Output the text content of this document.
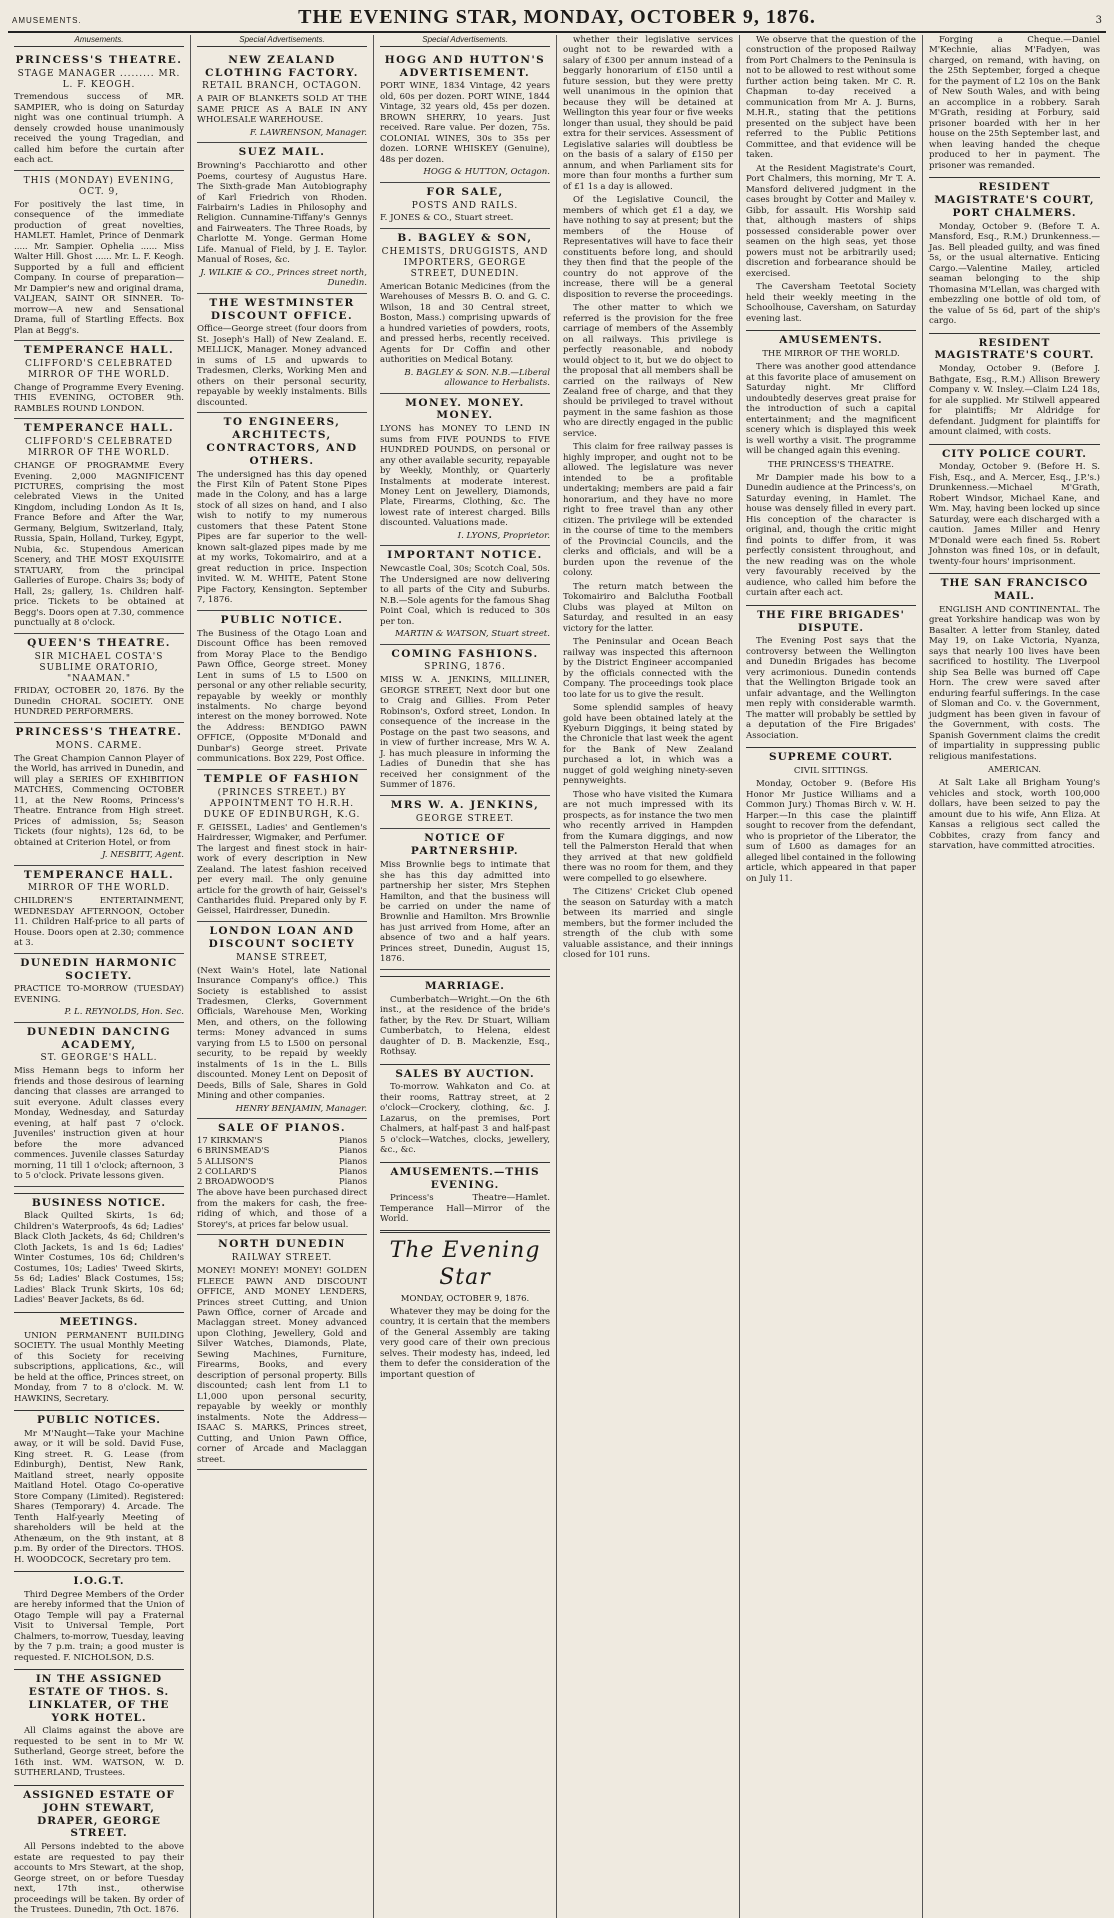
AMUSEMENTS.	THE EVENING STAR, MONDAY, OCTOBER 9, 1876.	3
Amusements.
PRINCESS'S THEATRE.
STAGE MANAGER ......... MR. L. F. KEOGH.
Tremendous success of MR. SAMPIER, who is doing on Saturday night was one continual triumph. A densely crowded house unanimously received the young Tragedian, and called him before the curtain after each act.
THIS (MONDAY) EVENING, OCT. 9,
For positively the last time, in consequence of the immediate production of great novelties, HAMLET. Hamlet, Prince of Denmark ..... Mr. Sampier. Ophelia ...... Miss Walter Hill. Ghost ...... Mr. L. F. Keogh. Supported by a full and efficient Company. In course of preparation—Mr Dampier's new and original drama, VALJEAN, SAINT OR SINNER. To-morrow—A new and Sensational Drama, full of Startling Effects. Box Plan at Begg's.
TEMPERANCE HALL.
CLIFFORD'S CELEBRATED MIRROR OF THE WORLD.
Change of Programme Every Evening. THIS EVENING, OCTOBER 9th. RAMBLES ROUND LONDON.
TEMPERANCE HALL.
CLIFFORD'S CELEBRATED MIRROR OF THE WORLD.
CHANGE OF PROGRAMME Every Evening. 2,000 MAGNIFICENT PICTURES, comprising the most celebrated Views in the United Kingdom, including London As It Is, France Before and After the War, Germany, Belgium, Switzerland, Italy, Russia, Spain, Holland, Turkey, Egypt, Nubia, &c. Stupendous American Scenery, and THE MOST EXQUISITE STATUARY, from the principal Galleries of Europe. Chairs 3s; body of Hall, 2s; gallery, 1s. Children half-price. Tickets to be obtained at Begg's. Doors open at 7.30, commence punctually at 8 o'clock.
QUEEN'S THEATRE.
SIR MICHAEL COSTA'S SUBLIME ORATORIO, "NAAMAN."
FRIDAY, OCTOBER 20, 1876. By the Dunedin CHORAL SOCIETY. ONE HUNDRED PERFORMERS.
PRINCESS'S THEATRE.
MONS. CARME.
The Great Champion Cannon Player of the World, has arrived in Dunedin, and will play a SERIES OF EXHIBITION MATCHES, Commencing OCTOBER 11, at the New Rooms, Princess's Theatre. Entrance from High street. Prices of admission, 5s; Season Tickets (four nights), 12s 6d, to be obtained at Criterion Hotel, or from
J. NESBITT, Agent.
TEMPERANCE HALL.
MIRROR OF THE WORLD.
CHILDREN'S ENTERTAINMENT, WEDNESDAY AFTERNOON, October 11. Children Half-price to all parts of House. Doors open at 2.30; commence at 3.
DUNEDIN HARMONIC SOCIETY.
PRACTICE TO-MORROW (TUESDAY) EVENING.
P. L. REYNOLDS, Hon. Sec.
DUNEDIN DANCING ACADEMY,
ST. GEORGE'S HALL.
Miss Hemann begs to inform her friends and those desirous of learning dancing that classes are arranged to suit everyone. Adult classes every Monday, Wednesday, and Saturday evening, at half past 7 o'clock. Juveniles' instruction given at hour before the more advanced commences. Juvenile classes Saturday morning, 11 till 1 o'clock; afternoon, 3 to 5 o'clock. Private lessons given.
BUSINESS NOTICE.
Black Quilted Skirts, 1s 6d; Children's Waterproofs, 4s 6d; Ladies' Black Cloth Jackets, 4s 6d; Children's Cloth Jackets, 1s and 1s 6d; Ladies' Winter Costumes, 10s 6d; Children's Costumes, 10s; Ladies' Tweed Skirts, 5s 6d; Ladies' Black Costumes, 15s; Ladies' Black Trunk Skirts, 10s 6d; Ladies' Beaver Jackets, 8s 6d.
MEETINGS.
UNION PERMANENT BUILDING SOCIETY. The usual Monthly Meeting of this Society for receiving subscriptions, applications, &c., will be held at the office, Princes street, on Monday, from 7 to 8 o'clock. M. W. HAWKINS, Secretary.
PUBLIC NOTICES.
Mr M'Naught—Take your Machine away, or it will be sold. David Fuse, King street. R. G. Lease (from Edinburgh), Dentist, New Rank, Maitland street, nearly opposite Maitland Hotel. Otago Co-operative Store Company (Limited). Registered: Shares (Temporary) 4. Arcade. The Tenth Half-yearly Meeting of shareholders will be held at the Athenæum, on the 9th instant, at 8 p.m. By order of the Directors. THOS. H. WOODCOCK, Secretary pro tem.
I.O.G.T.
Third Degree Members of the Order are hereby informed that the Union of Otago Temple will pay a Fraternal Visit to Universal Temple, Port Chalmers, to-morrow, Tuesday, leaving by the 7 p.m. train; a good muster is requested. F. NICHOLSON, D.S.
IN THE ASSIGNED ESTATE OF THOS. S. LINKLATER, OF THE YORK HOTEL.
All Claims against the above are requested to be sent in to Mr W. Sutherland, George street, before the 16th inst. WM. WATSON, W. D. SUTHERLAND, Trustees.
ASSIGNED ESTATE OF JOHN STEWART, DRAPER, GEORGE STREET.
All Persons indebted to the above estate are requested to pay their accounts to Mrs Stewart, at the shop, George street, on or before Tuesday next, 17th inst., otherwise proceedings will be taken. By order of the Trustees. Dunedin, 7th Oct. 1876.
Special Advertisements.
NEW ZEALAND CLOTHING FACTORY.
RETAIL BRANCH, OCTAGON.
A PAIR OF BLANKETS SOLD AT THE SAME PRICE AS A BALE IN ANY WHOLESALE WAREHOUSE.
F. LAWRENSON, Manager.
SUEZ MAIL.
Browning's Pacchiarotto and other Poems, courtesy of Augustus Hare. The Sixth-grade Man Autobiography of Karl Friedrich von Rhoden. Fairbairn's Ladies in Philosophy and Religion. Cunnamine-Tiffany's Gennys and Fairweaters. The Three Roads, by Charlotte M. Yonge. German Home Life. Manual of Field, by J. E. Taylor. Manual of Roses, &c.
J. WILKIE & CO., Princes street north, Dunedin.
THE WESTMINSTER DISCOUNT OFFICE.
Office—George street (four doors from St. Joseph's Hall) of New Zealand. E. MELLICK, Manager. Money advanced in sums of L5 and upwards to Tradesmen, Clerks, Working Men and others on their personal security, repayable by weekly instalments. Bills discounted.
TO ENGINEERS, ARCHITECTS, CONTRACTORS, AND OTHERS.
The undersigned has this day opened the First Kiln of Patent Stone Pipes made in the Colony, and has a large stock of all sizes on hand, and I also wish to notify to my numerous customers that these Patent Stone Pipes are far superior to the well-known salt-glazed pipes made by me at my works, Tokomairiro, and at a great reduction in price. Inspection invited. W. M. WHITE, Patent Stone Pipe Factory, Kensington. September 7, 1876.
PUBLIC NOTICE.
The Business of the Otago Loan and Discount Office has been removed from Moray Place to the Bendigo Pawn Office, George street. Money Lent in sums of L5 to L500 on personal or any other reliable security, repayable by weekly or monthly instalments. No charge beyond interest on the money borrowed. Note the Address: BENDIGO PAWN OFFICE, (Opposite M'Donald and Dunbar's) George street. Private communications. Box 229, Post Office.
TEMPLE OF FASHION
(PRINCES STREET.) BY APPOINTMENT TO H.R.H. DUKE OF EDINBURGH, K.G.
F. GEISSEL, Ladies' and Gentlemen's Hairdresser, Wigmaker, and Perfumer. The largest and finest stock in hair-work of every description in New Zealand. The latest fashion received per every mail. The only genuine article for the growth of hair, Geissel's Cantharides fluid. Prepared only by F. Geissel, Hairdresser, Dunedin.
LONDON LOAN AND DISCOUNT SOCIETY
MANSE STREET,
(Next Wain's Hotel, late National Insurance Company's office.) This Society is established to assist Tradesmen, Clerks, Government Officials, Warehouse Men, Working Men, and others, on the following terms: Money advanced in sums varying from L5 to L500 on personal security, to be repaid by weekly instalments of 1s in the L. Bills discounted. Money Lent on Deposit of Deeds, Bills of Sale, Shares in Gold Mining and other companies.
HENRY BENJAMIN, Manager.
SALE OF PIANOS.
17 KIRKMAN'S	Pianos
6 BRINSMEAD'S	Pianos
5 ALLISON'S	Pianos
2 COLLARD'S	Pianos
2 BROADWOOD'S	Pianos
The above have been purchased direct from the makers for cash, the free-riding of which, and those of a Storey's, at prices far below usual.
NORTH DUNEDIN
RAILWAY STREET.
MONEY! MONEY! MONEY! GOLDEN FLEECE PAWN AND DISCOUNT OFFICE, AND MONEY LENDERS, Princes street Cutting, and Union Pawn Office, corner of Arcade and Maclaggan street. Money advanced upon Clothing, Jewellery, Gold and Silver Watches, Diamonds, Plate, Sewing Machines, Furniture, Firearms, Books, and every description of personal property. Bills discounted; cash lent from L1 to L1,000 upon personal security, repayable by weekly or monthly instalments. Note the Address— ISAAC S. MARKS, Princes street, Cutting, and Union Pawn Office, corner of Arcade and Maclaggan street.
Special Advertisements.
HOGG AND HUTTON'S ADVERTISEMENT.
PORT WINE, 1834 Vintage, 42 years old, 60s per dozen. PORT WINE, 1844 Vintage, 32 years old, 45s per dozen. BROWN SHERRY, 10 years. Just received. Rare value. Per dozen, 75s. COLONIAL WINES, 30s to 35s per dozen. LORNE WHISKEY (Genuine), 48s per dozen.
HOGG & HUTTON, Octagon.
FOR SALE,
POSTS AND RAILS.
F. JONES & CO., Stuart street.
B. BAGLEY & SON,
CHEMISTS, DRUGGISTS, AND IMPORTERS, GEORGE STREET, DUNEDIN.
American Botanic Medicines (from the Warehouses of Messrs B. O. and G. C. Wilson, 18 and 30 Central street, Boston, Mass.) comprising upwards of a hundred varieties of powders, roots, and pressed herbs, recently received. Agents for Dr Coffin and other authorities on Medical Botany.
B. BAGLEY & SON. N.B.—Liberal allowance to Herbalists.
MONEY. MONEY. MONEY.
LYONS has MONEY TO LEND IN sums from FIVE POUNDS to FIVE HUNDRED POUNDS, on personal or any other available security, repayable by Weekly, Monthly, or Quarterly Instalments at moderate interest. Money Lent on Jewellery, Diamonds, Plate, Firearms, Clothing, &c. The lowest rate of interest charged. Bills discounted. Valuations made.
I. LYONS, Proprietor.
IMPORTANT NOTICE.
Newcastle Coal, 30s; Scotch Coal, 50s. The Undersigned are now delivering to all parts of the City and Suburbs. N.B.—Sole agents for the famous Shag Point Coal, which is reduced to 30s per ton.
MARTIN & WATSON, Stuart street.
COMING FASHIONS.
SPRING, 1876.
MISS W. A. JENKINS, MILLINER, GEORGE STREET, Next door but one to Craig and Gillies. From Peter Robinson's, Oxford street, London. In consequence of the increase in the Postage on the past two seasons, and in view of further increase, Mrs W. A. J. has much pleasure in informing the Ladies of Dunedin that she has received her consignment of the Summer of 1876.
MRS W. A. JENKINS,
GEORGE STREET.
NOTICE OF PARTNERSHIP.
Miss Brownlie begs to intimate that she has this day admitted into partnership her sister, Mrs Stephen Hamilton, and that the business will be carried on under the name of Brownlie and Hamilton. Mrs Brownlie has just arrived from Home, after an absence of two and a half years. Princes street, Dunedin, August 15, 1876.
MARRIAGE.
Cumberbatch—Wright.—On the 6th inst., at the residence of the bride's father, by the Rev. Dr Stuart, William Cumberbatch, to Helena, eldest daughter of D. B. Mackenzie, Esq., Rothsay.
SALES BY AUCTION.
To-morrow. Wahkaton and Co. at their rooms, Rattray street, at 2 o'clock—Crockery, clothing, &c. J. Lazarus, on the premises, Port Chalmers, at half-past 3 and half-past 5 o'clock—Watches, clocks, jewellery, &c., &c.
AMUSEMENTS.—THIS EVENING.
Princess's Theatre—Hamlet. Temperance Hall—Mirror of the World.
The Evening Star
MONDAY, OCTOBER 9, 1876.
Whatever they may be doing for the country, it is certain that the members of the General Assembly are taking very good care of their own precious selves. Their modesty has, indeed, led them to defer the consideration of the important question of
whether their legislative services ought not to be rewarded with a salary of £300 per annum instead of a beggarly honorarium of £150 until a future session, but they were pretty well unanimous in the opinion that because they will be detained at Wellington this year four or five weeks longer than usual, they should be paid extra for their services. Assessment of Legislative salaries will doubtless be on the basis of a salary of £150 per annum, and when Parliament sits for more than four months a further sum of £1 1s a day is allowed.
Of the Legislative Council, the members of which get £1 a day, we have nothing to say at present; but the members of the House of Representatives will have to face their constituents before long, and should they then find that the people of the country do not approve of the increase, there will be a general disposition to reverse the proceedings.
The other matter to which we referred is the provision for the free carriage of members of the Assembly on all railways. This privilege is perfectly reasonable, and nobody would object to it, but we do object to the proposal that all members shall be carried on the railways of New Zealand free of charge, and that they should be privileged to travel without payment in the same fashion as those who are directly engaged in the public service.
This claim for free railway passes is highly improper, and ought not to be allowed. The legislature was never intended to be a profitable undertaking; members are paid a fair honorarium, and they have no more right to free travel than any other citizen. The privilege will be extended in the course of time to the members of the Provincial Councils, and the clerks and officials, and will be a burden upon the revenue of the colony.
The return match between the Tokomairiro and Balclutha Football Clubs was played at Milton on Saturday, and resulted in an easy victory for the latter.
The Peninsular and Ocean Beach railway was inspected this afternoon by the District Engineer accompanied by the officials connected with the Company. The proceedings took place too late for us to give the result.
Some splendid samples of heavy gold have been obtained lately at the Kyeburn Diggings, it being stated by the Chronicle that last week the agent for the Bank of New Zealand purchased a lot, in which was a nugget of gold weighing ninety-seven pennyweights.
Those who have visited the Kumara are not much impressed with its prospects, as for instance the two men who recently arrived in Hampden from the Kumara diggings, and now tell the Palmerston Herald that when they arrived at that new goldfield there was no room for them, and they were compelled to go elsewhere.
The Citizens' Cricket Club opened the season on Saturday with a match between its married and single members, but the former included the strength of the club with some valuable assistance, and their innings closed for 101 runs.
We observe that the question of the construction of the proposed Railway from Port Chalmers to the Peninsula is not to be allowed to rest without some further action being taken. Mr C. R. Chapman to-day received a communication from Mr A. J. Burns, M.H.R., stating that the petitions presented on the subject have been referred to the Public Petitions Committee, and that evidence will be taken.
At the Resident Magistrate's Court, Port Chalmers, this morning, Mr T. A. Mansford delivered judgment in the cases brought by Cotter and Mailey v. Gibb, for assault. His Worship said that, although masters of ships possessed considerable power over seamen on the high seas, yet those powers must not be arbitrarily used; discretion and forbearance should be exercised.
The Caversham Teetotal Society held their weekly meeting in the Schoolhouse, Caversham, on Saturday evening last.
AMUSEMENTS.
THE MIRROR OF THE WORLD.
There was another good attendance at this favorite place of amusement on Saturday night. Mr Clifford undoubtedly deserves great praise for the introduction of such a capital entertainment; and the magnificent scenery which is displayed this week is well worthy a visit. The programme will be changed again this evening.
THE PRINCESS'S THEATRE.
Mr Dampier made his bow to a Dunedin audience at the Princess's, on Saturday evening, in Hamlet. The house was densely filled in every part. His conception of the character is original, and, though the critic might find points to differ from, it was perfectly consistent throughout, and the new reading was on the whole very favourably received by the audience, who called him before the curtain after each act.
THE FIRE BRIGADES' DISPUTE.
The Evening Post says that the controversy between the Wellington and Dunedin Brigades has become very acrimonious. Dunedin contends that the Wellington Brigade took an unfair advantage, and the Wellington men reply with considerable warmth. The matter will probably be settled by a deputation of the Fire Brigades' Association.
SUPREME COURT.
CIVIL SITTINGS.
Monday, October 9. (Before His Honor Mr Justice Williams and a Common Jury.) Thomas Birch v. W. H. Harper.—In this case the plaintiff sought to recover from the defendant, who is proprietor of the Liberator, the sum of L600 as damages for an alleged libel contained in the following article, which appeared in that paper on July 11.
Forging a Cheque.—Daniel M'Kechnie, alias M'Fadyen, was charged, on remand, with having, on the 25th September, forged a cheque for the payment of L2 10s on the Bank of New South Wales, and with being an accomplice in a robbery. Sarah M'Grath, residing at Forbury, said prisoner boarded with her in her house on the 25th September last, and when leaving handed the cheque produced to her in payment. The prisoner was remanded.
RESIDENT MAGISTRATE'S COURT, PORT CHALMERS.
Monday, October 9. (Before T. A. Mansford, Esq., R.M.) Drunkenness.—Jas. Bell pleaded guilty, and was fined 5s, or the usual alternative. Enticing Cargo.—Valentine Mailey, articled seaman belonging to the ship Thomasina M'Lellan, was charged with embezzling one bottle of old tom, of the value of 5s 6d, part of the ship's cargo.
RESIDENT MAGISTRATE'S COURT.
Monday, October 9. (Before J. Bathgate, Esq., R.M.) Allison Brewery Company v. W. Insley.—Claim L24 18s, for ale supplied. Mr Stilwell appeared for plaintiffs; Mr Aldridge for defendant. Judgment for plaintiffs for amount claimed, with costs.
CITY POLICE COURT.
Monday, October 9. (Before H. S. Fish, Esq., and A. Mercer, Esq., J.P.'s.) Drunkenness.—Michael M'Grath, Robert Windsor, Michael Kane, and Wm. May, having been locked up since Saturday, were each discharged with a caution. James Miller and Henry M'Donald were each fined 5s. Robert Johnston was fined 10s, or in default, twenty-four hours' imprisonment.
THE SAN FRANCISCO MAIL.
ENGLISH AND CONTINENTAL. The great Yorkshire handicap was won by Basalter. A letter from Stanley, dated May 19, on Lake Victoria, Nyanza, says that nearly 100 lives have been sacrificed to hostility. The Liverpool ship Sea Belle was burned off Cape Horn. The crew were saved after enduring fearful sufferings. In the case of Sloman and Co. v. the Government, judgment has been given in favour of the Government, with costs. The Spanish Government claims the credit of impartiality in suppressing public religious manifestations.
AMERICAN.
At Salt Lake all Brigham Young's vehicles and stock, worth 100,000 dollars, have been seized to pay the amount due to his wife, Ann Eliza. At Kansas a religious sect called the Cobbites, crazy from fancy and starvation, have committed atrocities.
